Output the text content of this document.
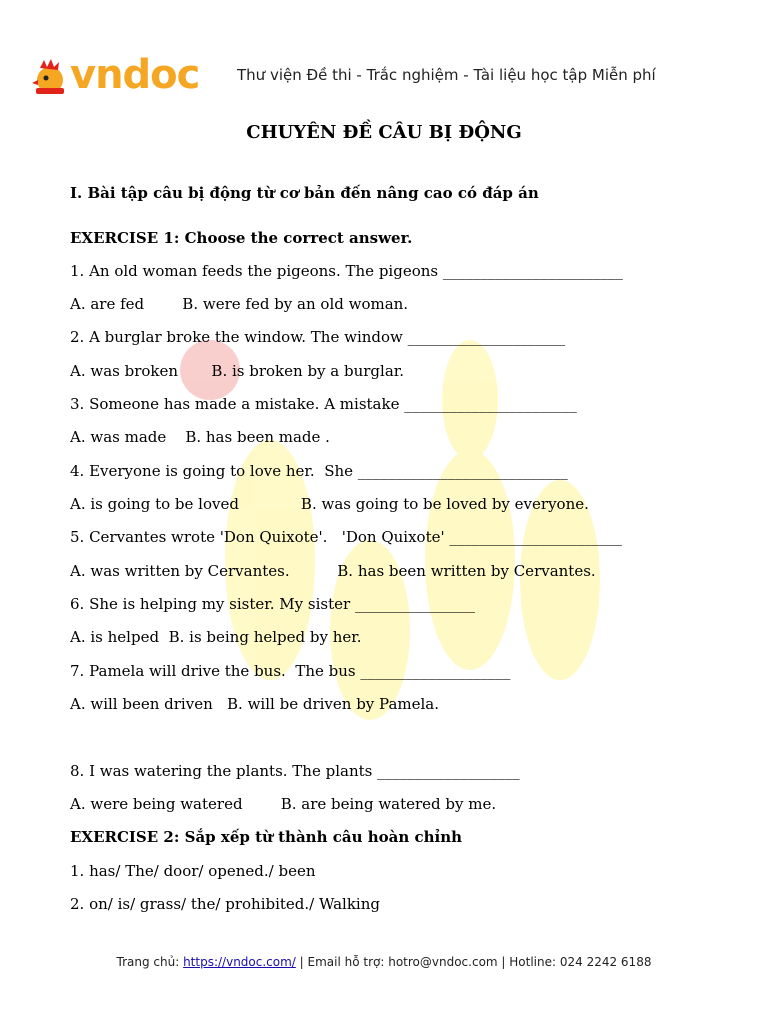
vndoc	Thư viện Đề thi - Trắc nghiệm - Tài liệu học tập Miễn phí
CHUYÊN ĐỀ CÂU BỊ ĐỘNG
I. Bài tập câu bị động từ cơ bản đến nâng cao có đáp án
EXERCISE 1: Choose the correct answer.
1. An old woman feeds the pigeons. The pigeons ________________________
A. are fed        B. were fed by an old woman.
2. A burglar broke the window. The window _____________________
A. was broken       B. is broken by a burglar.
3. Someone has made a mistake. A mistake _______________________
A. was made    B. has been made .
4. Everyone is going to love her.  She ____________________________
A. is going to be loved             B. was going to be loved by everyone.
5. Cervantes wrote 'Don Quixote'.   'Don Quixote' _______________________
A. was written by Cervantes.          B. has been written by Cervantes.
6. She is helping my sister. My sister ________________
A. is helped  B. is being helped by her.
7. Pamela will drive the bus.  The bus ____________________
A. will been driven   B. will be driven by Pamela.
8. I was watering the plants. The plants ___________________
A. were being watered        B. are being watered by me.
EXERCISE 2: Sắp xếp từ thành câu hoàn chỉnh
1. has/ The/ door/ opened./ been
2. on/ is/ grass/ the/ prohibited./ Walking
Trang chủ: https://vndoc.com/ | Email hỗ trợ: hotro@vndoc.com | Hotline: 024 2242 6188
